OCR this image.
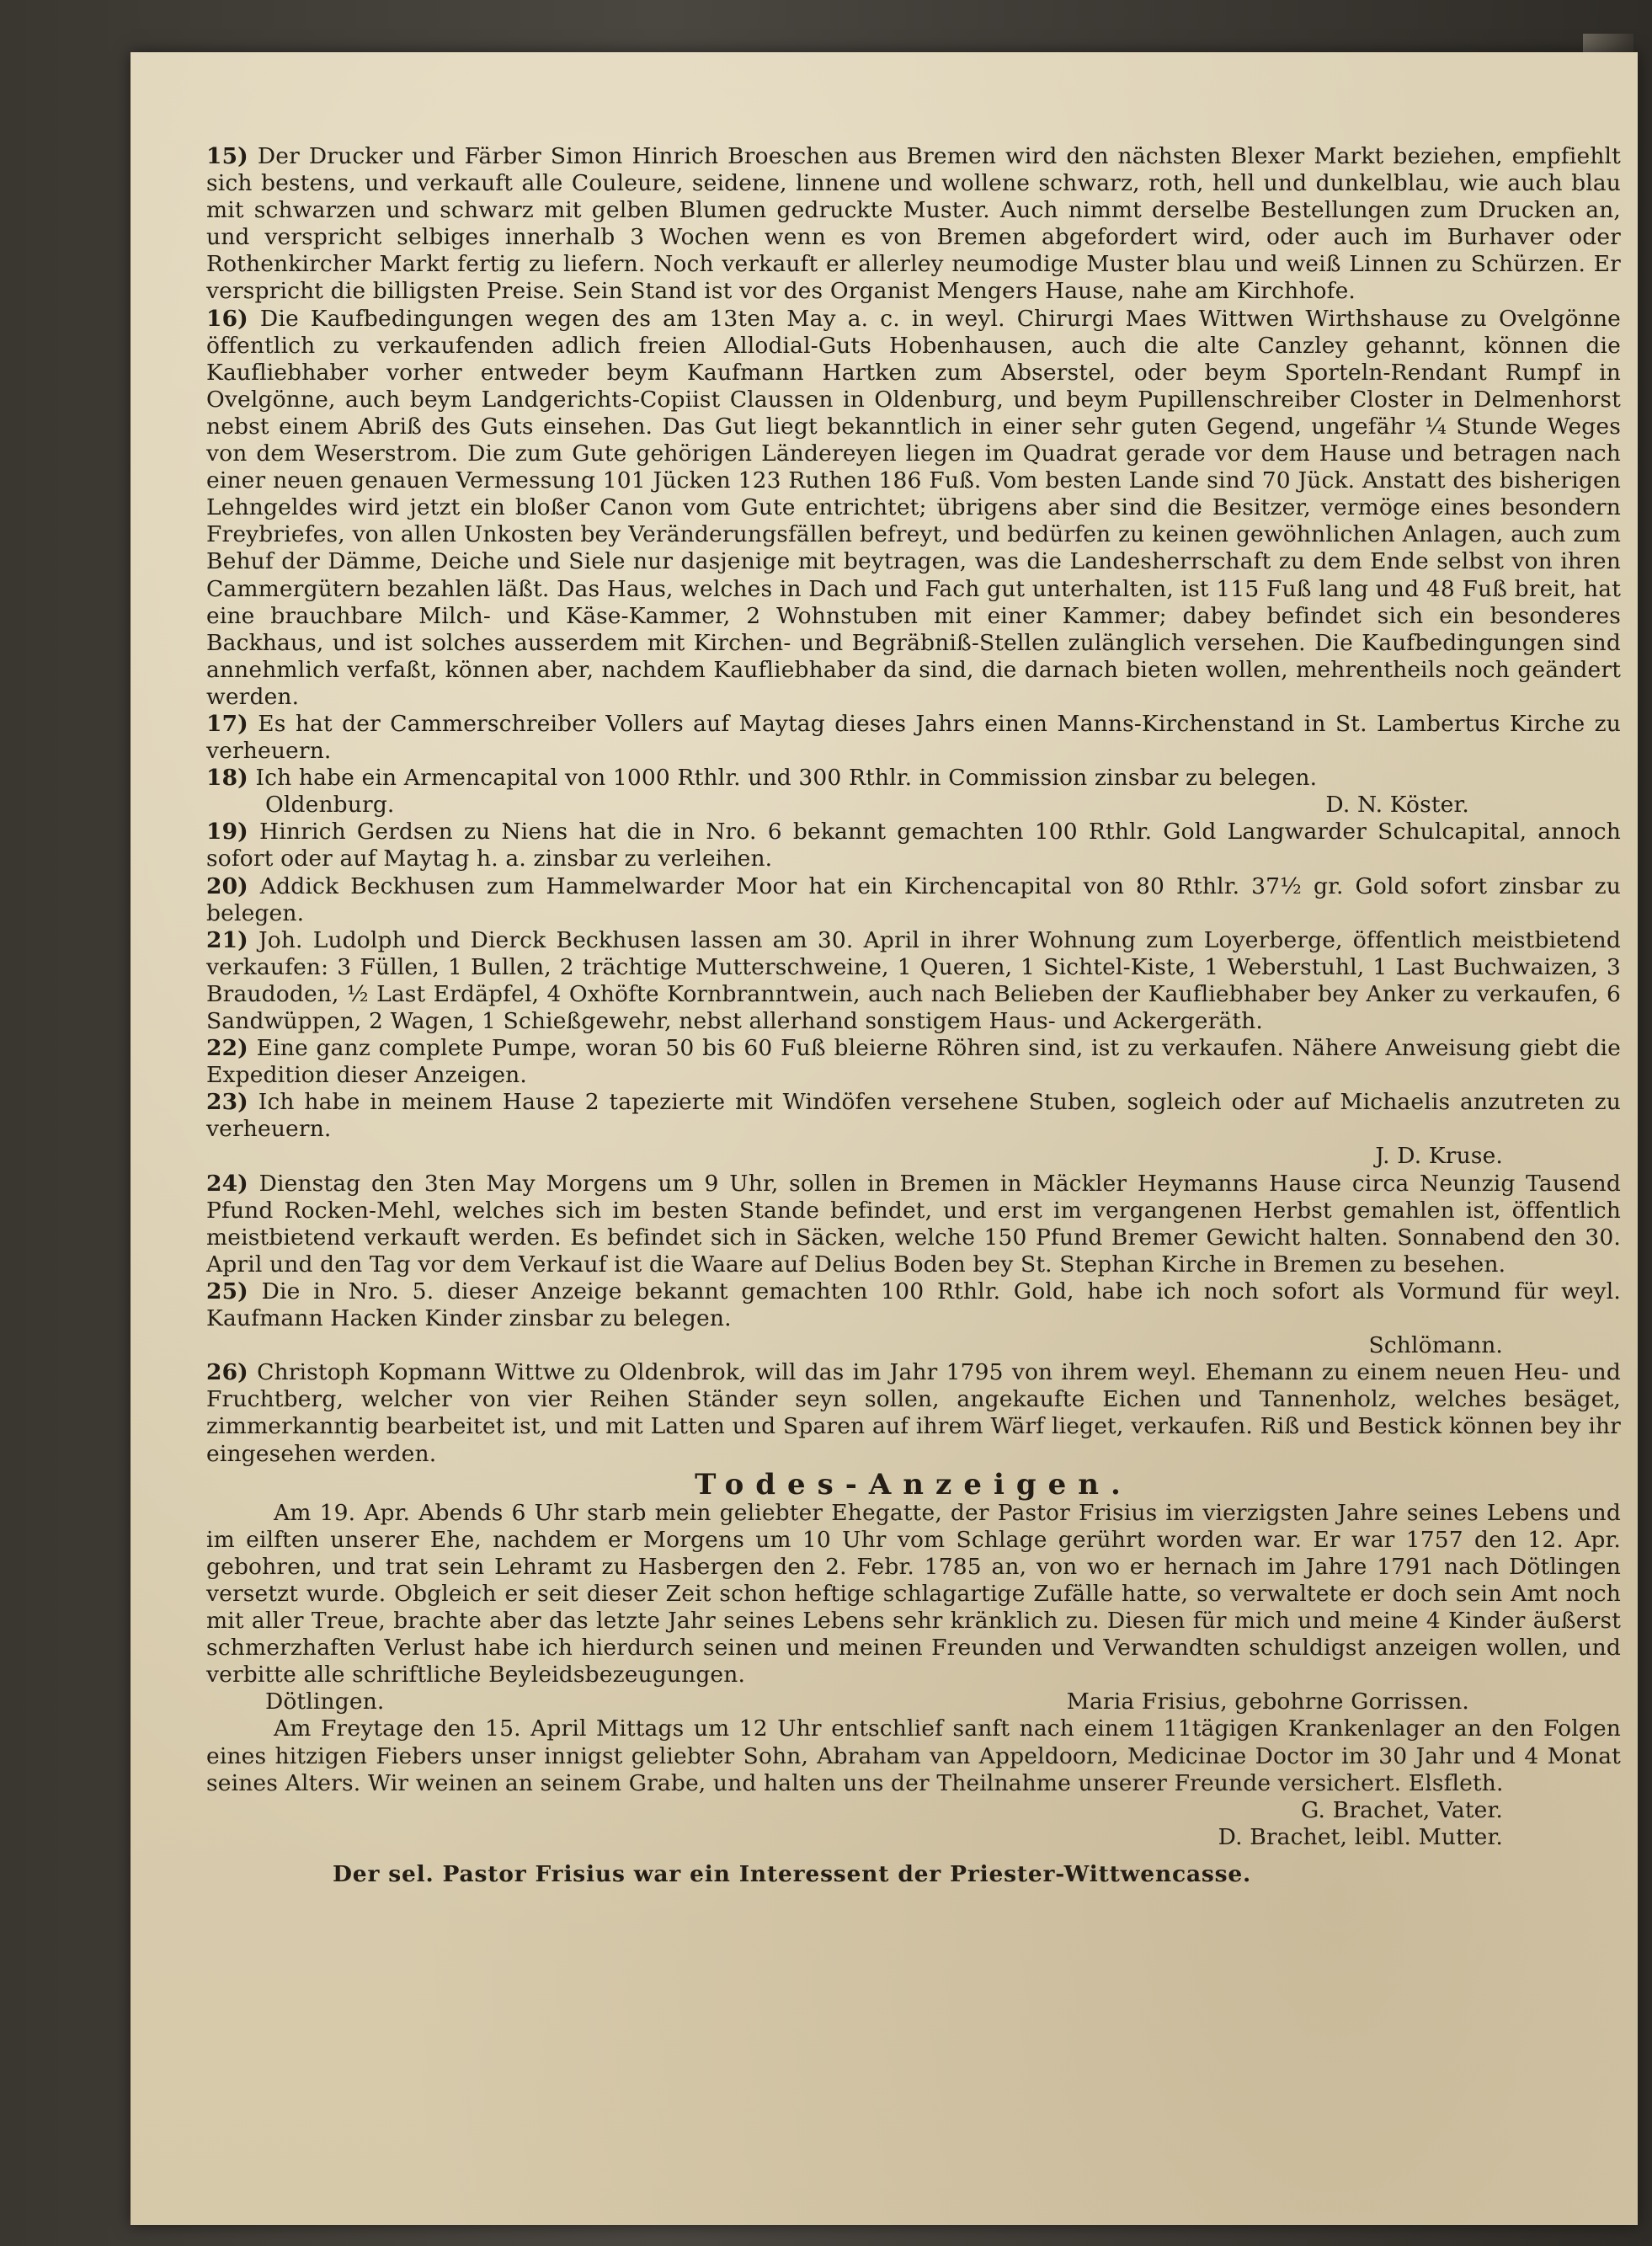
15) Der Drucker und Färber Simon Hinrich Broeschen aus Bremen wird den nächsten Blexer Markt beziehen, empfiehlt sich bestens, und verkauft alle Couleure, seidene, linnene und wollene schwarz, roth, hell und dunkelblau, wie auch blau mit schwarzen und schwarz mit gelben Blumen gedruckte Muster. Auch nimmt derselbe Bestellungen zum Drucken an, und verspricht selbiges innerhalb 3 Wochen wenn es von Bremen abgefordert wird, oder auch im Burhaver oder Rothenkircher Markt fertig zu liefern. Noch verkauft er allerley neumodige Muster blau und weiß Linnen zu Schürzen. Er verspricht die billigsten Preise. Sein Stand ist vor des Organist Mengers Hause, nahe am Kirchhofe.

16) Die Kaufbedingungen wegen des am 13ten May a. c. in weyl. Chirurgi Maes Wittwen Wirthshause zu Ovelgönne öffentlich zu verkaufenden adlich freien Allodial-Guts Hobenhausen, auch die alte Canzley gehannt, können die Kaufliebhaber vorher entweder beym Kaufmann Hartken zum Abserstel, oder beym Sporteln-Rendant Rumpf in Ovelgönne, auch beym Landgerichts-Copiist Claussen in Oldenburg, und beym Pupillenschreiber Closter in Delmenhorst nebst einem Abriß des Guts einsehen. Das Gut liegt bekanntlich in einer sehr guten Gegend, ungefähr ¼ Stunde Weges von dem Weserstrom. Die zum Gute gehörigen Ländereyen liegen im Quadrat gerade vor dem Hause und betragen nach einer neuen genauen Vermessung 101 Jücken 123 Ruthen 186 Fuß. Vom besten Lande sind 70 Jück. Anstatt des bisherigen Lehngeldes wird jetzt ein bloßer Canon vom Gute entrichtet; übrigens aber sind die Besitzer, vermöge eines besondern Freybriefes, von allen Unkosten bey Veränderungsfällen befreyt, und bedürfen zu keinen gewöhnlichen Anlagen, auch zum Behuf der Dämme, Deiche und Siele nur dasjenige mit beytragen, was die Landesherrschaft zu dem Ende selbst von ihren Cammergütern bezahlen läßt. Das Haus, welches in Dach und Fach gut unterhalten, ist 115 Fuß lang und 48 Fuß breit, hat eine brauchbare Milch- und Käse-Kammer, 2 Wohnstuben mit einer Kammer; dabey befindet sich ein besonderes Backhaus, und ist solches ausserdem mit Kirchen- und Begräbniß-Stellen zulänglich versehen. Die Kaufbedingungen sind annehmlich verfaßt, können aber, nachdem Kaufliebhaber da sind, die darnach bieten wollen, mehrentheils noch geändert werden.

17) Es hat der Cammerschreiber Vollers auf Maytag dieses Jahrs einen Manns-Kirchenstand in St. Lambertus Kirche zu verheuern.

18) Ich habe ein Armencapital von 1000 Rthlr. und 300 Rthlr. in Commission zinsbar zu belegen.

Oldenburg.	D. N. Köster.

19) Hinrich Gerdsen zu Niens hat die in Nro. 6 bekannt gemachten 100 Rthlr. Gold Langwarder Schulcapital, annoch sofort oder auf Maytag h. a. zinsbar zu verleihen.

20) Addick Beckhusen zum Hammelwarder Moor hat ein Kirchencapital von 80 Rthlr. 37½ gr. Gold sofort zinsbar zu belegen.

21) Joh. Ludolph und Dierck Beckhusen lassen am 30. April in ihrer Wohnung zum Loyerberge, öffentlich meistbietend verkaufen: 3 Füllen, 1 Bullen, 2 trächtige Mutterschweine, 1 Queren, 1 Sichtel-Kiste, 1 Weberstuhl, 1 Last Buchwaizen, 3 Braudoden, ½ Last Erdäpfel, 4 Oxhöfte Kornbranntwein, auch nach Belieben der Kaufliebhaber bey Anker zu verkaufen, 6 Sandwüppen, 2 Wagen, 1 Schießgewehr, nebst allerhand sonstigem Haus- und Ackergeräth.

22) Eine ganz complete Pumpe, woran 50 bis 60 Fuß bleierne Röhren sind, ist zu verkaufen. Nähere Anweisung giebt die Expedition dieser Anzeigen.

23) Ich habe in meinem Hause 2 tapezierte mit Windöfen versehene Stuben, sogleich oder auf Michaelis anzutreten zu verheuern.

J. D. Kruse.

24) Dienstag den 3ten May Morgens um 9 Uhr, sollen in Bremen in Mäckler Heymanns Hause circa Neunzig Tausend Pfund Rocken-Mehl, welches sich im besten Stande befindet, und erst im vergangenen Herbst gemahlen ist, öffentlich meistbietend verkauft werden. Es befindet sich in Säcken, welche 150 Pfund Bremer Gewicht halten. Sonnabend den 30. April und den Tag vor dem Verkauf ist die Waare auf Delius Boden bey St. Stephan Kirche in Bremen zu besehen.

25) Die in Nro. 5. dieser Anzeige bekannt gemachten 100 Rthlr. Gold, habe ich noch sofort als Vormund für weyl. Kaufmann Hacken Kinder zinsbar zu belegen.

Schlömann.

26) Christoph Kopmann Wittwe zu Oldenbrok, will das im Jahr 1795 von ihrem weyl. Ehemann zu einem neuen Heu- und Fruchtberg, welcher von vier Reihen Ständer seyn sollen, angekaufte Eichen und Tannenholz, welches besäget, zimmerkanntig bearbeitet ist, und mit Latten und Sparen auf ihrem Wärf lieget, verkaufen. Riß und Bestick können bey ihr eingesehen werden.

Todes-Anzeigen.

Am 19. Apr. Abends 6 Uhr starb mein geliebter Ehegatte, der Pastor Frisius im vierzigsten Jahre seines Lebens und im eilften unserer Ehe, nachdem er Morgens um 10 Uhr vom Schlage gerührt worden war. Er war 1757 den 12. Apr. gebohren, und trat sein Lehramt zu Hasbergen den 2. Febr. 1785 an, von wo er hernach im Jahre 1791 nach Dötlingen versetzt wurde. Obgleich er seit dieser Zeit schon heftige schlagartige Zufälle hatte, so verwaltete er doch sein Amt noch mit aller Treue, brachte aber das letzte Jahr seines Lebens sehr kränklich zu. Diesen für mich und meine 4 Kinder äußerst schmerzhaften Verlust habe ich hierdurch seinen und meinen Freunden und Verwandten schuldigst anzeigen wollen, und verbitte alle schriftliche Beyleidsbezeugungen.

Dötlingen.	Maria Frisius, gebohrne Gorrissen.

Am Freytage den 15. April Mittags um 12 Uhr entschlief sanft nach einem 11tägigen Krankenlager an den Folgen eines hitzigen Fiebers unser innigst geliebter Sohn, Abraham van Appeldoorn, Medicinae Doctor im 30 Jahr und 4 Monat seines Alters. Wir weinen an seinem Grabe, und halten uns der Theilnahme unserer Freunde versichert. Elsfleth.

G. Brachet, Vater.

D. Brachet, leibl. Mutter.

Der sel. Pastor Frisius war ein Interessent der Priester-Wittwencasse.
